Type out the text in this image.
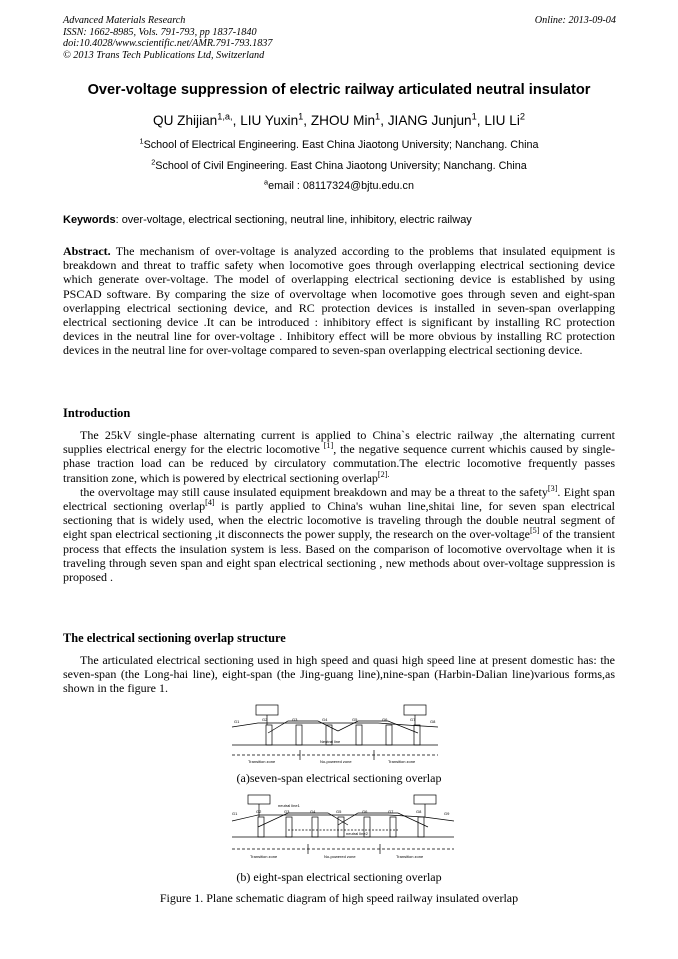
Advanced Materials Research
ISSN: 1662-8985, Vols. 791-793, pp 1837-1840
doi:10.4028/www.scientific.net/AMR.791-793.1837
© 2013 Trans Tech Publications Ltd, Switzerland
Online: 2013-09-04
Over-voltage suppression of electric railway articulated neutral insulator
QU Zhijian$^{1,a,}$, LIU Yuxin$^1$, ZHOU Min$^1$, JIANG Junjun$^1$, LIU Li$^2$
$^1$School of Electrical Engineering. East China Jiaotong University; Nanchang. China
$^2$School of Civil Engineering. East China Jiaotong University; Nanchang. China
$^a$email : 08117324@bjtu.edu.cn
Keywords: over-voltage, electrical sectioning, neutral line, inhibitory, electric railway

Abstract. The mechanism of over-voltage is analyzed according to the problems that insulated equipment is breakdown and threat to traffic safety when locomotive goes through overlapping electrical sectioning device which generate over-voltage. The model of overlapping electrical sectioning device is established by using PSCAD software. By comparing the size of overvoltage when locomotive goes through seven and eight-span overlapping electrical sectioning device, and RC protection devices is installed in seven-span overlapping electrical sectioning device .It can be introduced : inhibitory effect is significant by installing RC protection devices in the neutral line for over-voltage . Inhibitory effect will be more obvious by installing RC protection devices in the neutral line for over-voltage compared to seven-span overlapping electrical sectioning device.

Introduction

The 25kV single-phase alternating current is applied to China`s electric railway ,the alternating current supplies electrical energy for the electric locomotive [1], the negative sequence current whichis caused by single-phase traction load can be reduced by circulatory commutation.The electric locomotive frequently passes transition zone, which is powered by electrical sectioning overlap$^{[2].}$

the overvoltage may still cause insulated equipment breakdown and may be a threat to the safety[3]. Eight span electrical sectioning overlap[4] is partly applied to China's wuhan line,shitai line, for seven span electrical sectioning that is widely used, when the electric locomotive is traveling through the double neutral segment of eight span electrical sectioning ,it disconnects the power supply, the research on the over-voltage[5] of the transient process that effects the insulation system is less. Based on the comparison of locomotive overvoltage when it is traveling through seven span and eight span electrical sectioning , new methods about over-voltage suppression is proposed .

The electrical sectioning overlap structure

The articulated electrical sectioning used in high speed and quasi high speed line at present domestic has: the seven-span (the Long-hai line), eight-span (the Jing-guang line),nine-span (Harbin-Dalian line)various forms,as shown in the figure 1.

G1	G2	G3	G4	G5	G6	G7	G8
Neutral line
Transition zone	No-powered zone	Transition zone
(a)seven-span electrical sectioning overlap
G1	G2	G3	G4	G5	G6	G7	G8	G9
neutral line1
neutral line2
Transition zone	No-powered zone	Transition zone
(b) eight-span electrical sectioning overlap
Figure 1. Plane schematic diagram of high speed railway insulated overlap
